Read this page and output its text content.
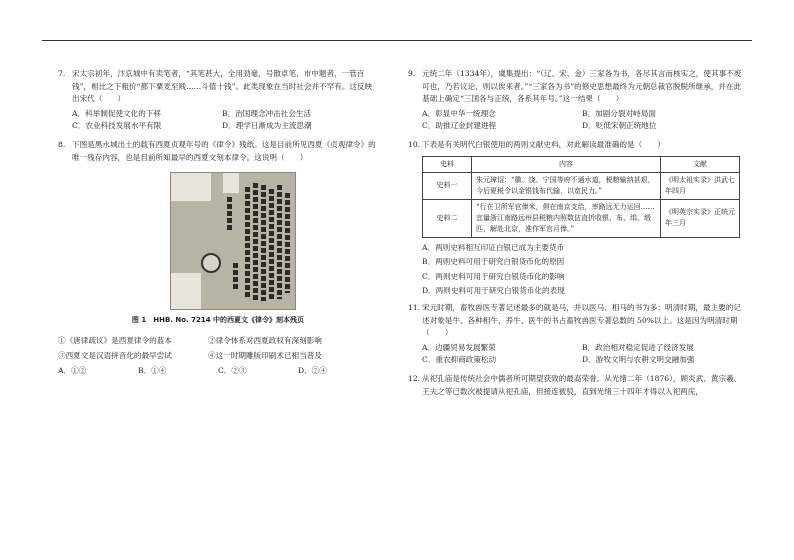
7. 宋太宗初年，汴京城中有卖笔者，“其笔甚大，全用劲毫，号散卓笔，市中题者，一管百钱”，相比之下粗价“都下粟麦至贱……斗值十钱”。此类现象在当时社会并不罕有。这反映出宋代（　　）
A．科举制促使文化的下移	B．治国理念冲击社会生活
C．农业科技发展水平有限	D．理学日渐成为主流思潮
8. 下图是黑水城出土的载有西夏贞观年号的《律令》残纸。这是目前所见西夏《贞观律令》的唯一残存内容，也是目前所知最早的西夏文刻本律令。这说明（　　）
图 1　HHB. No. 7214 中的西夏文《律令》刻本残页
①《唐律疏议》是西夏律令的蓝本	②律令体系对西夏政权有深刻影响
③西夏文是汉语拼音化的最早尝试	④这一时期雕版印刷术已相当普及
A．①②	B．①④	C．②③	D．②④
9. 元统二年（1334年），虞集提出：“（辽、宋、金）三家各为书，各尽其言而核实之，使其事不废可也，乃若议论，则以俟来者。”“三家各为书”的修史思想最终为元朝总裁官脱脱所继承，并在此基础上确定“三国各与正统，各系其年号。”这一结果（　　）
A．彰显中华一统理念	B．加剧分裂对峙局面
C．助推辽金封建进程	D．贬低宋朝正统地位
10. 下表是有关明代白银使用的两则文献史料，对此解读最准确的是（　　）
史料	内容	文献
史料一	朱元璋诏：“徽、饶、宁国等府不通水道，税粮输纳甚艰，今后夏税令以金银钱布代输，以宽民力。”	《明太祖实录》洪武七年四月
史料二	“行在卫所军官俸米，俱在南京支给，率路远无力运回……宜量浙江南路远州县税粮内照数估直折收银、布、绢、缎匹，解赴北京，准作军官月俸。”	《明英宗实录》正统元年三月
A．两则史料相互印证白银已成为主要货币
B．两则史料可用于研究白银货币化的原因
C．两则史料可用于研究白银货币化的影响
D．两则史料可用于研究白银货币化的表现
11. 宋元时期，畜牧兽医专著记述最多的就是马，并以医马、相马的书为多；明清时期，最主要的记述对象是牛、各种相牛、养牛、医牛的书占畜牧兽医专著总数的 50%以上。这是因为明清时期（　　）
A．边疆贸易发展繁荣	B．政治相对稳定促进了经济发展
C．重农抑商政策松动	D．游牧文明与农耕文明交融加强
12. 从祀孔庙是传统社会中儒者所可期望获致的最高荣誉。从光绪二年（1876），顾炎武、黄宗羲、王夫之等已数次被提请从祀孔庙，但接连被驳，直到光绪三十四年才得以入祀两庑，
